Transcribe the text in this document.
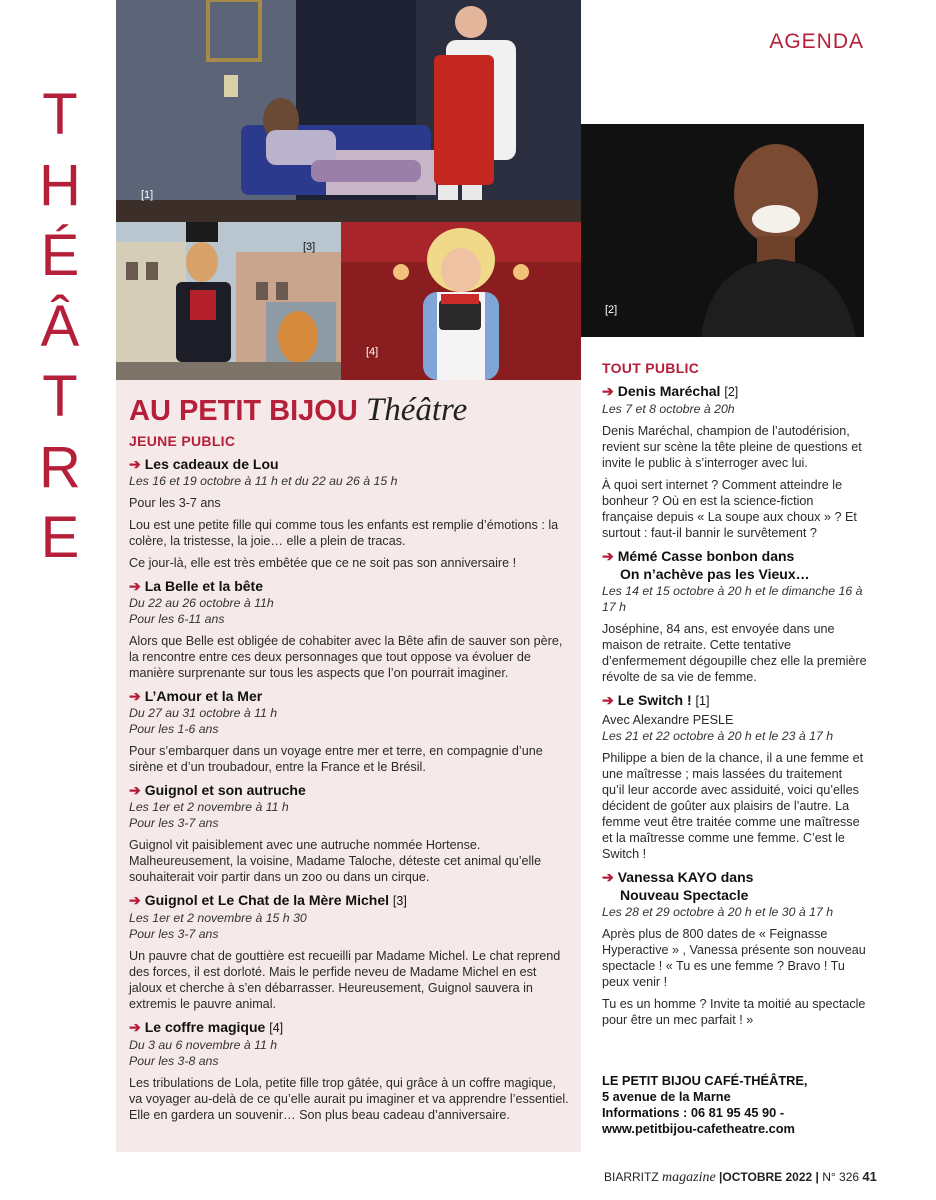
T
H
É
Â
T
R
E
AGENDA
[1]
[3]
[4]
[2]
AU PETIT BIJOU Théâtre
JEUNE PUBLIC
➔ Les cadeaux de Lou
Les 16 et 19 octobre à 11 h et du 22 au 26 à 15 h
Pour les 3-7 ans
Lou est une petite fille qui comme tous les enfants est remplie d’émotions : la colère, la tristesse, la joie… elle a plein de tracas.
Ce jour-là, elle est très embêtée que ce ne soit pas son anniversaire !
➔ La Belle et la bête
Du 22 au 26 octobre à 11h
Pour les 6-11 ans
Alors que Belle est obligée de cohabiter avec la Bête afin de sauver son père, la rencontre entre ces deux personnages que tout oppose va évoluer de manière surprenante sur tous les aspects que l’on pourrait imaginer.
➔ L’Amour et la Mer
Du 27 au 31 octobre à 11 h
Pour les 1-6 ans
Pour s’embarquer dans un voyage entre mer et terre, en compagnie d’une sirène et d’un troubadour, entre la France et le Brésil.
➔ Guignol et son autruche
Les 1er et 2 novembre à 11 h
Pour les 3-7 ans
Guignol vit paisiblement avec une autruche nommée Hortense. Malheureusement, la voisine, Madame Taloche, déteste cet animal qu’elle souhaiterait voir partir dans un zoo ou dans un cirque.
➔ Guignol et Le Chat de la Mère Michel [3]
Les 1er et 2 novembre à 15 h 30
Pour les 3-7 ans
Un pauvre chat de gouttière est recueilli par Madame Michel. Le chat reprend des forces, il est dorloté. Mais le perfide neveu de Madame Michel en est jaloux et cherche à s’en débarrasser. Heureusement, Guignol sauvera in extremis le pauvre animal.
➔ Le coffre magique [4]
Du 3 au 6 novembre à 11 h
Pour les 3-8 ans
Les tribulations de Lola, petite fille trop gâtée, qui grâce à un coffre magique, va voyager au-delà de ce qu’elle aurait pu imaginer et va apprendre l’essentiel. Elle en gardera un souvenir… Son plus beau cadeau d’anniversaire.
TOUT PUBLIC
➔ Denis Maréchal [2]
Les 7 et 8 octobre à 20h
Denis Maréchal, champion de l’autodérision, revient sur scène la tête pleine de questions et invite le public à s’interroger avec lui.
À quoi sert internet ? Comment atteindre le bonheur ? Où en est la science-fiction française depuis « La soupe aux choux » ? Et surtout : faut-il bannir le survêtement ?
➔ Mémé Casse bonbon dans
On n’achève pas les Vieux…
Les 14 et 15 octobre à 20 h et le dimanche 16 à 17 h
Joséphine, 84 ans, est envoyée dans une maison de retraite. Cette tentative d’enfermement dégoupille chez elle la première révolte de sa vie de femme.
➔ Le Switch ! [1]
Avec Alexandre PESLE
Les 21 et 22 octobre à 20 h et le 23 à 17 h
Philippe a bien de la chance, il a une femme et une maîtresse ; mais lassées du traitement qu’il leur accorde avec assiduité, voici qu’elles décident de goûter aux plaisirs de l’autre. La femme veut être traitée comme une maîtresse et la maîtresse comme une femme. C’est le Switch !
➔ Vanessa KAYO dans
Nouveau Spectacle
Les 28 et 29 octobre à 20 h et le 30 à 17 h
Après plus de 800 dates de « Feignasse Hyperactive » , Vanessa présente son nouveau spectacle ! « Tu es une femme ? Bravo ! Tu peux venir !
Tu es un homme ? Invite ta moitié au spectacle pour être un mec parfait ! »
LE PETIT BIJOU CAFÉ-THÉÂTRE,
5 avenue de la Marne
Informations : 06 81 95 45 90 -
www.petitbijou-cafetheatre.com
BIARRITZ magazine |OCTOBRE 2022 | N° 326 41
